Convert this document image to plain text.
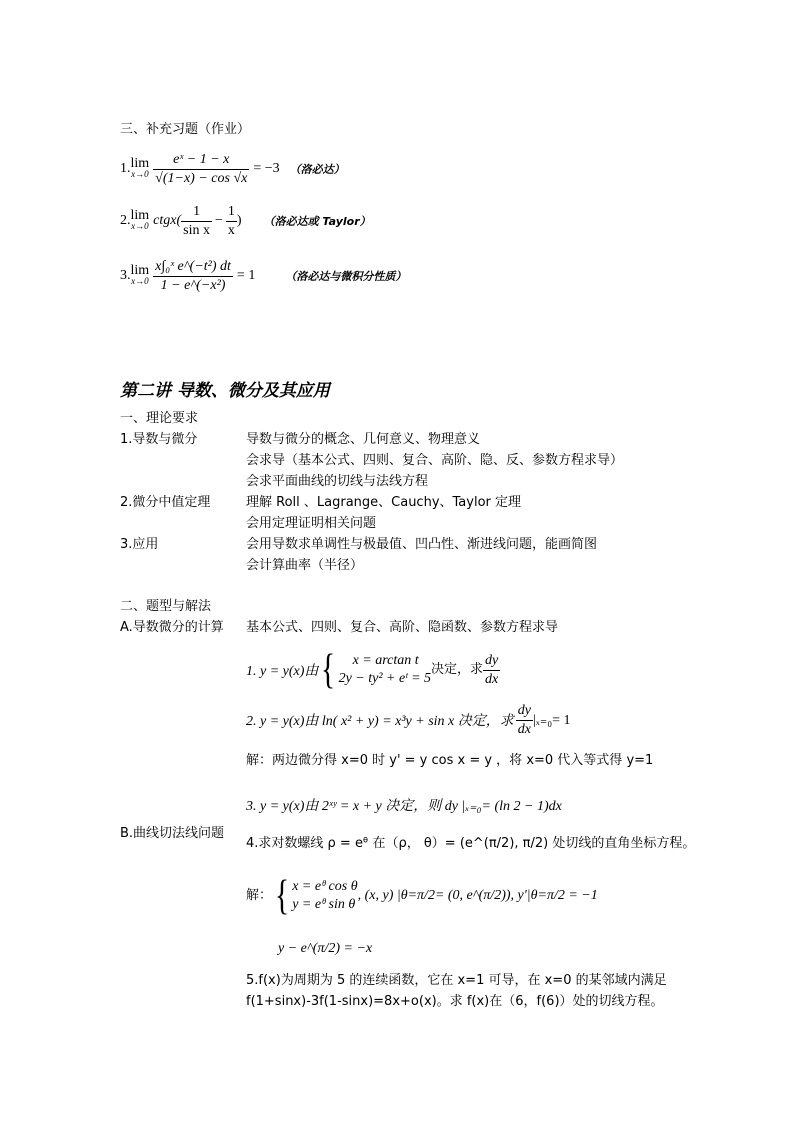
三、补充习题（作业）
1. lim
$x\to 0 \frac{\text{eˣ − 1 − x}}{√(1-x) - \cos √x} = -3$ （洛必达）
2. lim
x→0 ctgx( $\frac{1}{\text{sin x}} - \frac{1}{x}$ ) （洛必达或 Taylor）
3. lim
$x\to 0 \frac{\text{x∫₀ˣ e\textasciicircum{}(−t²) dt}}{\text{1 − e\textasciicircum{}(−x²)}} = 1$	（洛必达与微积分性质）
第二讲 导数、微分及其应用
一、理论要求
1.导数与微分	导数与微分的概念、几何意义、物理意义
会求导（基本公式、四则、复合、高阶、隐、反、参数方程求导）
会求平面曲线的切线与法线方程
2.微分中值定理	理解 Roll 、Lagrange、Cauchy、Taylor 定理
会用定理证明相关问题
3.应用	会用导数求单调性与极最值、凹凸性、渐进线问题，能画简图
会计算曲率（半径）
二、题型与解法
A.导数微分的计算 基本公式、四则、复合、高阶、隐函数、参数方程求导
1. y = y(x)由 {	x = arctan t
2y − ty² + eᵗ = 5
决定，求 $\frac{dy}{dx}$
2. y = y(x)由 ln( x² + y) = x³y + sin x 决定，求 $\frac{dy}{dx} |_{x=0}= 1$
解：两边微分得 x=0 时 y' = y cos x = y ，将 x=0 代入等式得 y=1
3. y = y(x)由 2ˣʸ = x + y 决定，则 dy |ₓ₌₀= (ln 2 − 1)dx
B.曲线切法线问题
4.求对数螺线 ρ = eᶿ 在（ρ， θ）= (e^(π/2), π/2) 处切线的直角坐标方程。
解： { x = eᶿ cos θ
y = eᶿ sin θ
, (x, y) |θ=π/2= (0, e^(π/2)), y'|θ=π/2 = −1
y − e^(π/2) = −x
5.f(x)为周期为 5 的连续函数，它在 x=1 可导，在 x=0 的某邻域内满足
f(1+sinx)-3f(1-sinx)=8x+o(x)。求 f(x)在（6，f(6)）处的切线方程。
